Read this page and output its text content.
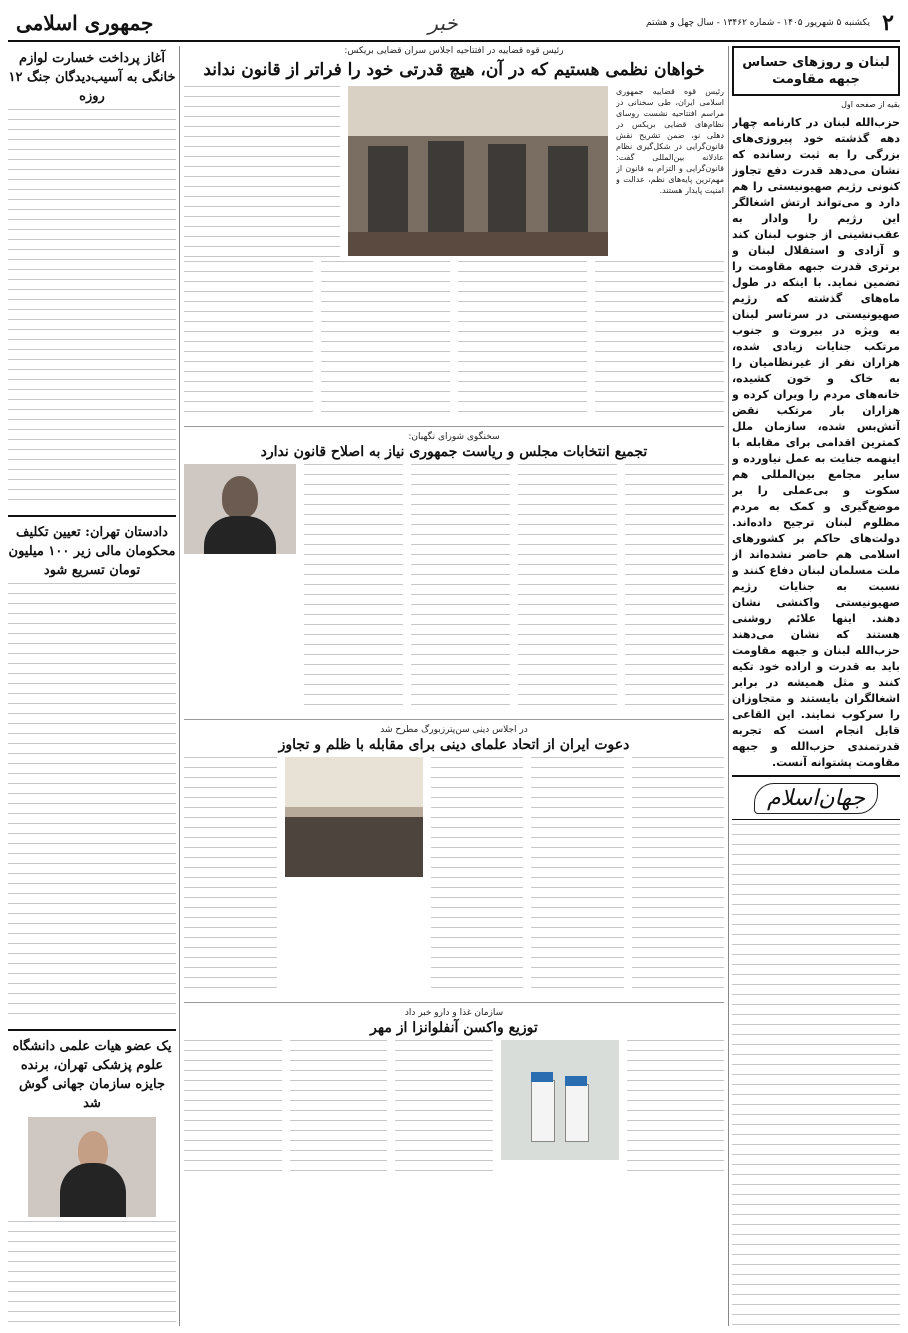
۲
یکشنبه ۵ شهریور ۱۴۰۵ - شماره ۱۳۴۶۲ - سال چهل و هشتم
خبر
جمهوری اسلامی
لبنان و روزهای حساس جبهه مقاومت
بقیه از صفحه اول
حزب‌الله لبنان در کارنامه چهار دهه گذشته خود پیروزی‌های بزرگی را به ثبت رسانده که نشان می‌دهد قدرت دفع تجاوز کنونی رژیم صهیونیستی را هم دارد و می‌تواند ارتش اشغالگر این رژیم را وادار به عقب‌نشینی از جنوب لبنان کند و آزادی و استقلال لبنان و برتری قدرت جبهه مقاومت را تضمین نماید. با اینکه در طول ماه‌های گذشته که رژیم صهیونیستی در سرتاسر لبنان به ویژه در بیروت و جنوب مرتکب جنایات زیادی شده، هزاران نفر از غیرنظامیان را به خاک و خون کشیده، خانه‌های مردم را ویران کرده و هزاران بار مرتکب نقض آتش‌بس شده، سازمان ملل کمترین اقدامی برای مقابله با اینهمه جنایت به عمل نیاورده و سایر مجامع بین‌المللی هم سکوت و بی‌عملی را بر موضع‌گیری و کمک به مردم مظلوم لبنان ترجیح داده‌اند. دولت‌های حاکم بر کشورهای اسلامی هم حاضر نشده‌اند از ملت مسلمان لبنان دفاع کنند و نسبت به جنایات رژیم صهیونیستی واکنشی نشان دهند. اینها علائم روشنی هستند که نشان می‌دهند حزب‌الله لبنان و جبهه مقاومت باید به قدرت و اراده خود تکیه کنند و مثل همیشه در برابر اشغالگران بایستند و متجاوزان را سرکوب نمایند. این القاعی قابل انجام است که تجربه قدرتمندی حزب‌الله و جبهه مقاومت پشتوانه آنست.
جهان‌اسلام
رئیس قوه قضاییه در افتتاحیه اجلاس سران قضایی بریکس:
خواهان نظمی هستیم که در آن، هیچ قدرتی خود را فراتر از قانون نداند
رئیس قوه قضاییه جمهوری اسلامی ایران، طی سخنانی در مراسم افتتاحیه نشست روسای نظام‌های قضایی بریکس در دهلی نو، ضمن تشریح نقش قانون‌گرایی در شکل‌گیری نظام عادلانه بین‌المللی گفت: قانون‌گرایی و التزام به قانون از مهم‌ترین پایه‌های نظم، عدالت و امنیت پایدار هستند.
سخنگوی شورای نگهبان:
تجمیع انتخابات مجلس و ریاست جمهوری نیاز به اصلاح قانون ندارد
در اجلاس دینی سن‌پترزبورگ مطرح شد
دعوت ایران از اتحاد علمای دینی برای مقابله با ظلم و تجاوز
سازمان غذا و دارو خبر داد
توزیع واکسن آنفلوانزا از مهر
آغاز پرداخت خسارت لوازم خانگی به آسیب‌دیدگان جنگ ۱۲ روزه
دادستان تهران: تعیین تکلیف محکومان مالی زیر ۱۰۰ میلیون تومان تسریع شود
یک عضو هیات علمی دانشگاه علوم پزشکی تهران، برنده جایزه سازمان جهانی گوش شد
